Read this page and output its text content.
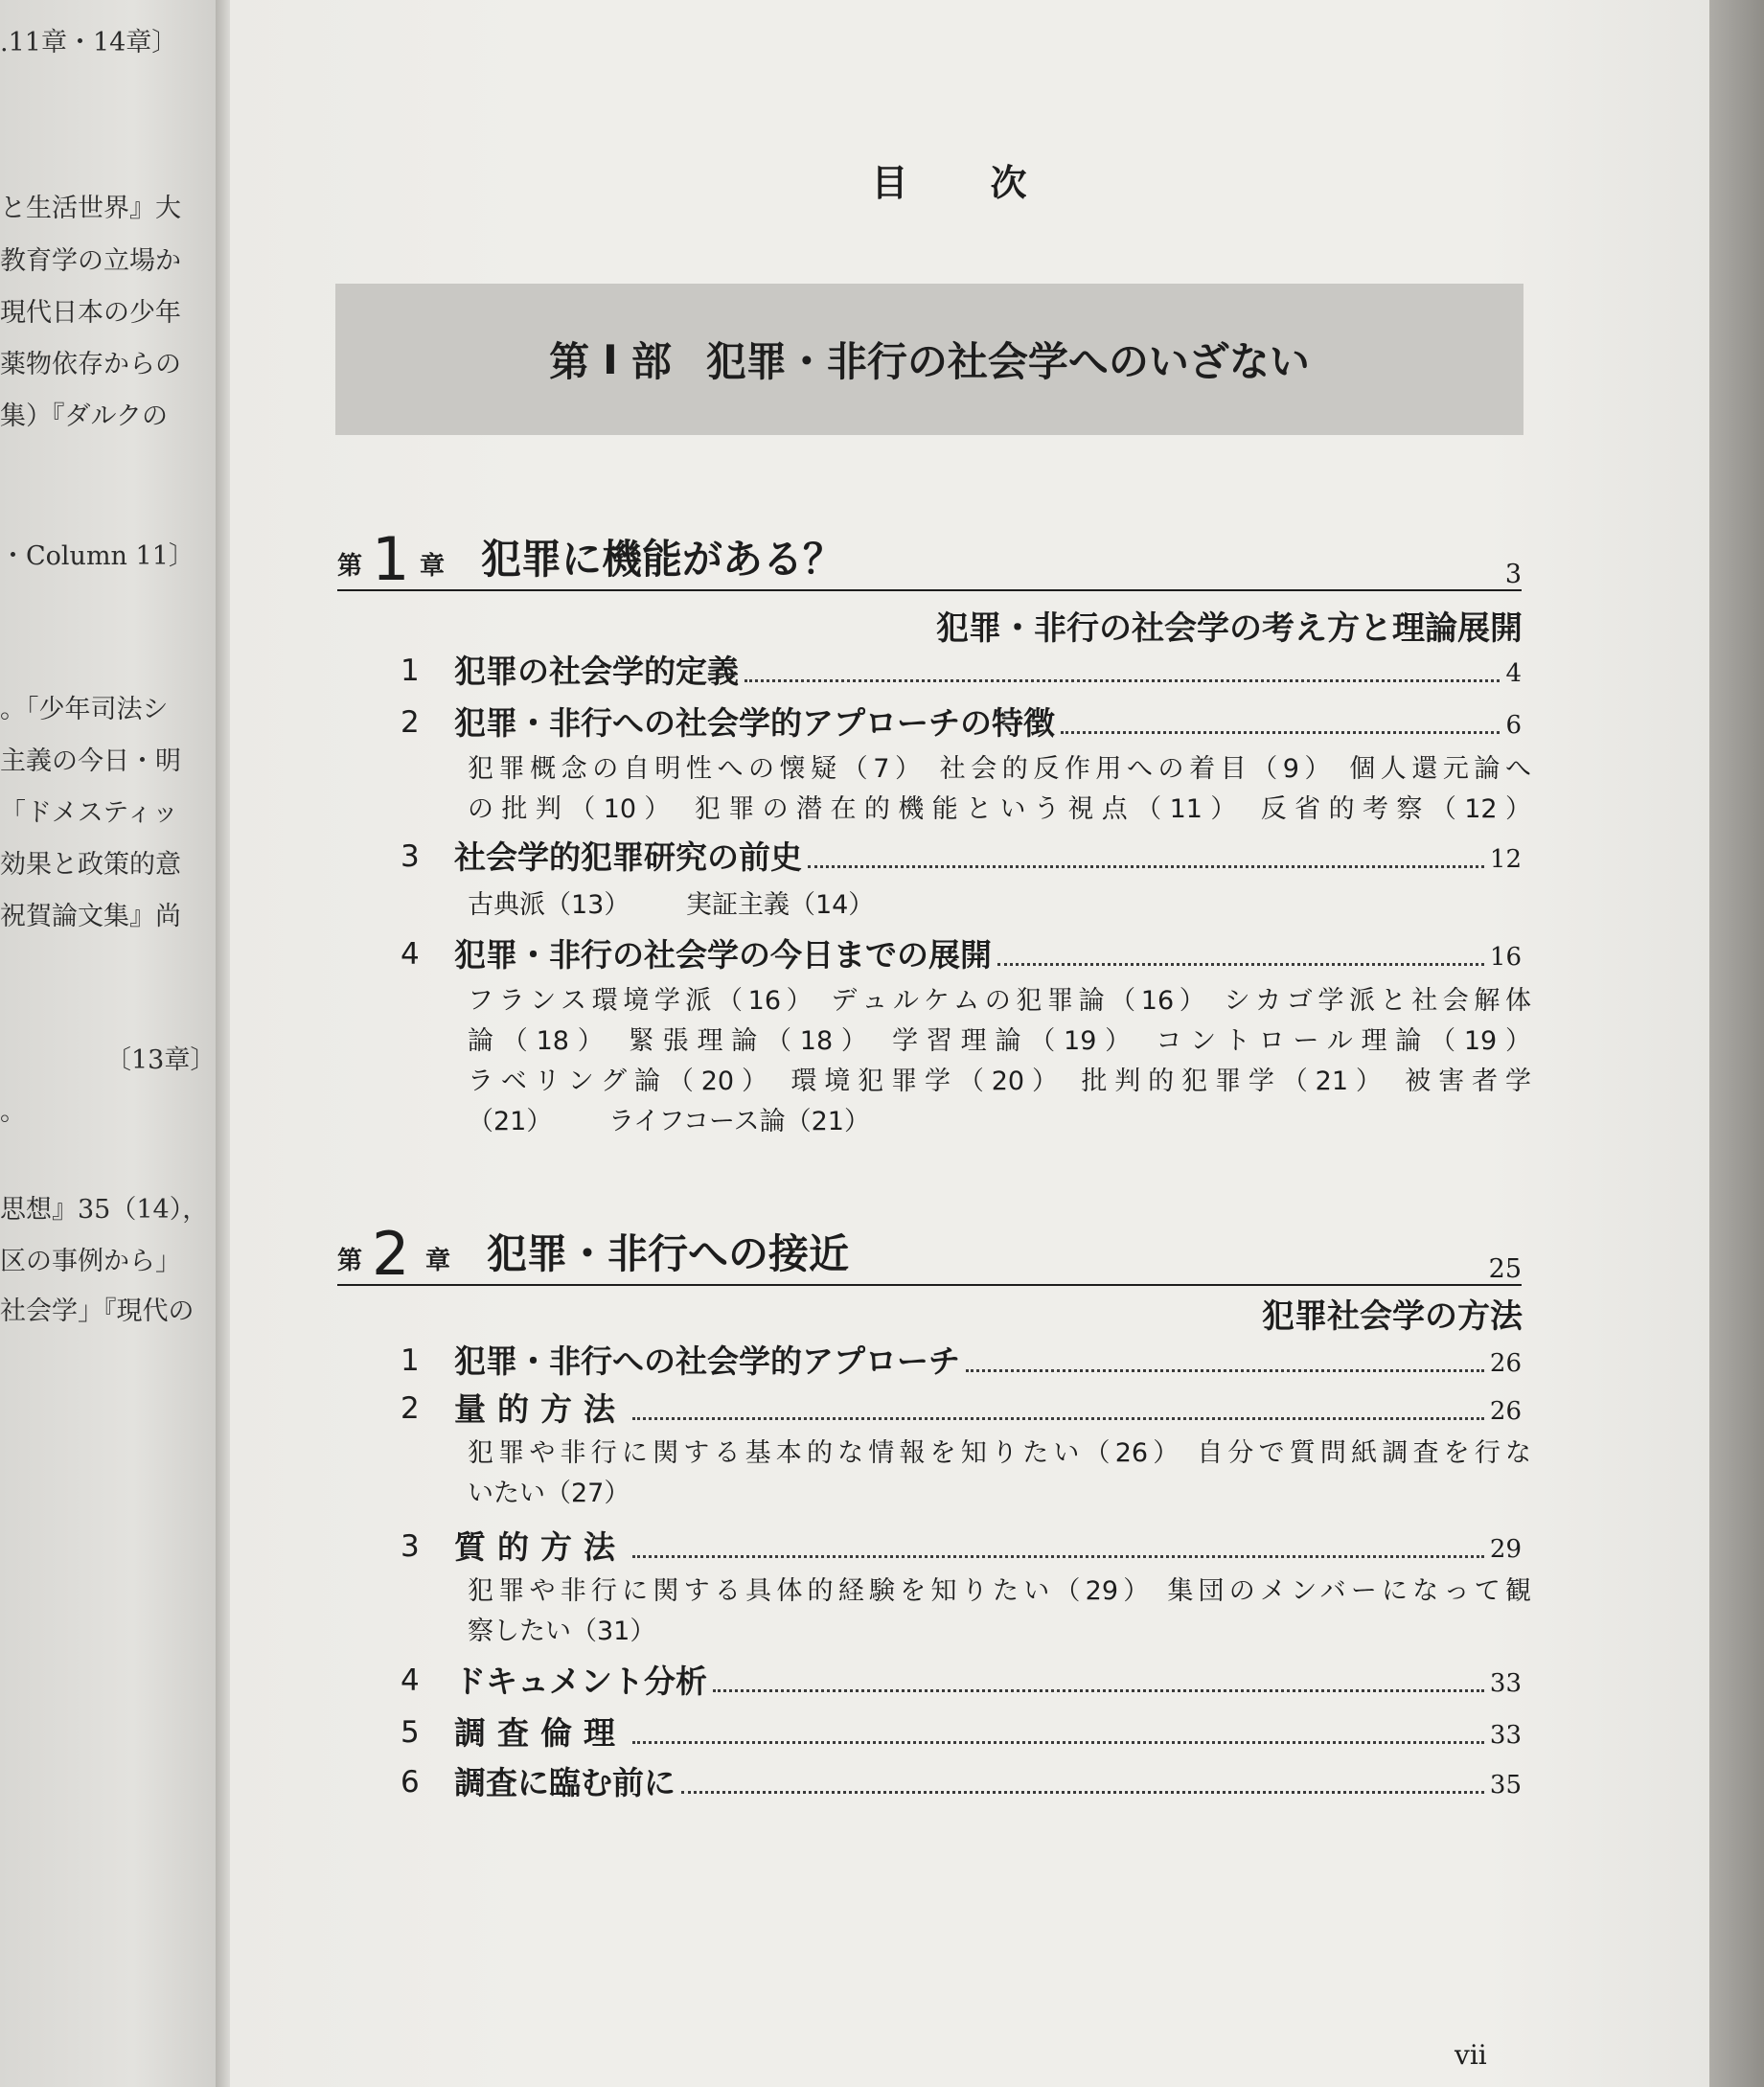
.11章・14章〕
と生活世界』大
教育学の立場か
現代日本の少年
薬物依存からの
集）『ダルクの
・Column 11〕
。「少年司法シ
主義の今日・明
「ドメスティッ
効果と政策的意
祝賀論文集』尚
〔13章〕
。
思想』35（14），
区の事例から」
社会学」『現代の
目次
第 Ⅰ 部 犯罪・非行の社会学へのいざない
第 1 章 犯罪に機能がある？	3
犯罪・非行の社会学の考え方と理論展開
1 犯罪の社会学的定義	4
2 犯罪・非行への社会学的アプローチの特徴	6
犯罪概念の自明性への懐疑（7） 社会的反作用への着目（9） 個人還元論へ
の批判（10） 犯罪の潜在的機能という視点（11） 反省的考察（12）
3 社会学的犯罪研究の前史	12
古典派（13） 実証主義（14）
4 犯罪・非行の社会学の今日までの展開	16
フランス環境学派（16） デュルケムの犯罪論（16） シカゴ学派と社会解体
論（18） 緊張理論（18） 学習理論（19） コントロール理論（19）
ラベリング論（20） 環境犯罪学（20） 批判的犯罪学（21） 被害者学
（21） ライフコース論（21）
第 2 章 犯罪・非行への接近	25
犯罪社会学の方法
1 犯罪・非行への社会学的アプローチ	26
2 量的方法	26
犯罪や非行に関する基本的な情報を知りたい（26） 自分で質問紙調査を行な
いたい（27）
3 質的方法	29
犯罪や非行に関する具体的経験を知りたい（29） 集団のメンバーになって観
察したい（31）
4 ドキュメント分析	33
5 調査倫理	33
6 調査に臨む前に	35
vii
